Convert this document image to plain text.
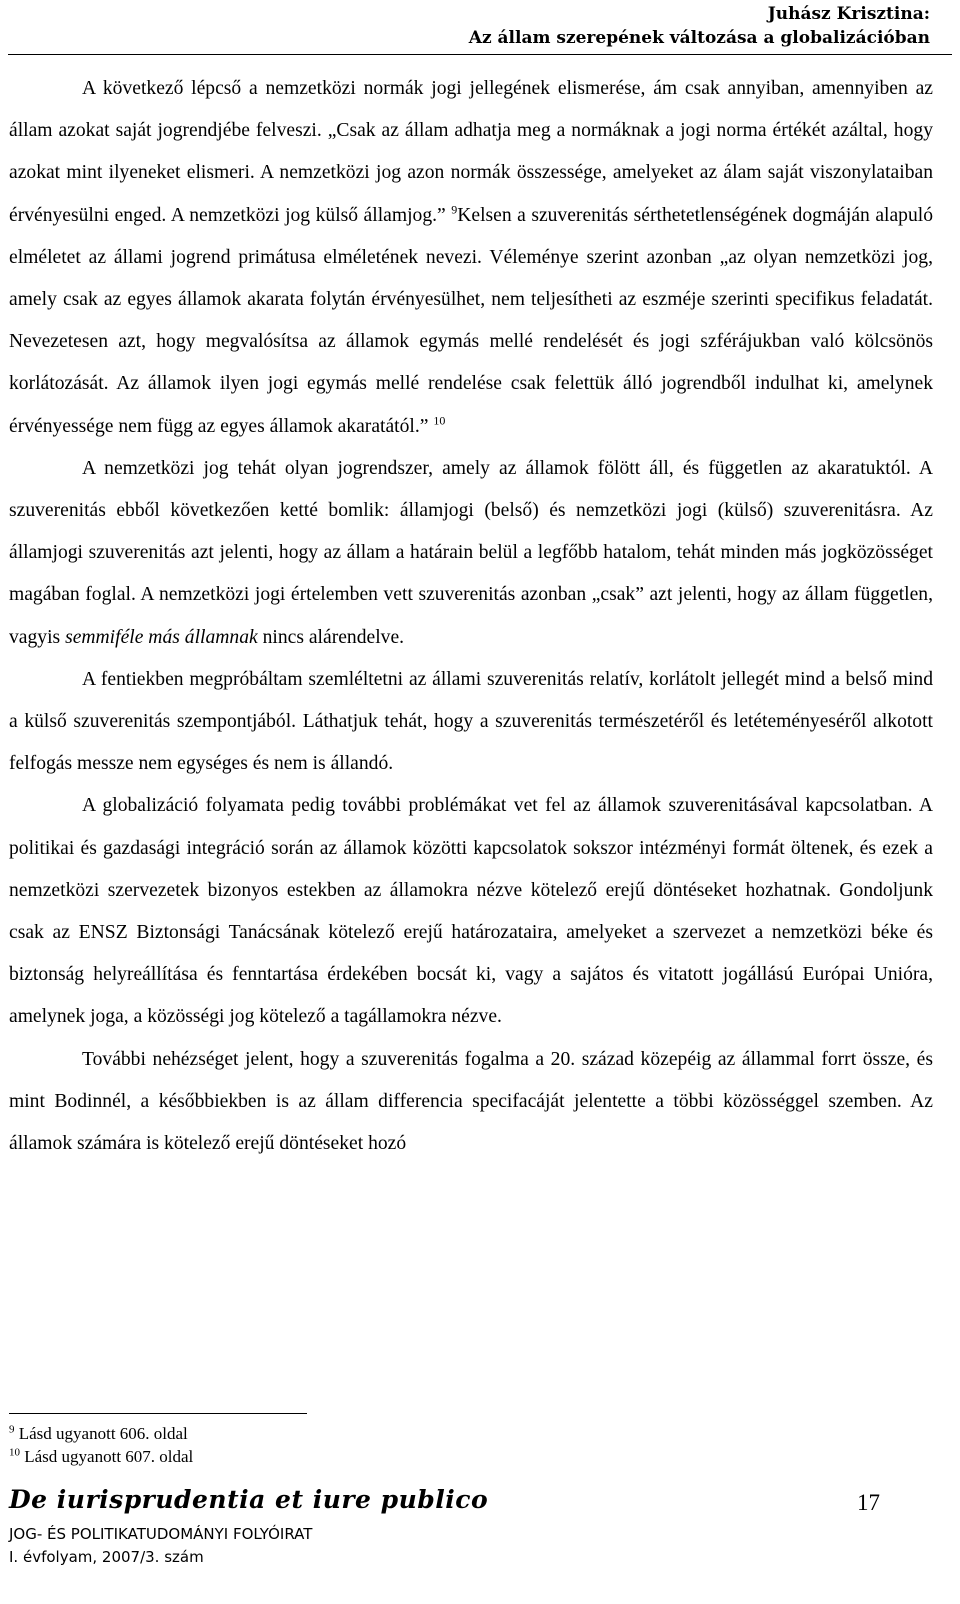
Juhász Krisztina:
Az állam szerepének változása a globalizációban

A következő lépcső a nemzetközi normák jogi jellegének elismerése, ám csak annyiban, amennyiben az állam azokat saját jogrendjébe felveszi. „Csak az állam adhatja meg a normáknak a jogi norma értékét azáltal, hogy azokat mint ilyeneket elismeri. A nemzetközi jog azon normák összessége, amelyeket az álam saját viszonylataiban érvényesülni enged. A nemzetközi jog külső államjog.” $^9$Kelsen a szuverenitás sérthetetlenségének dogmáján alapuló elméletet az állami jogrend primátusa elméletének nevezi. Véleménye szerint azonban „az olyan nemzetközi jog, amely csak az egyes államok akarata folytán érvényesülhet, nem teljesítheti az eszméje szerinti specifikus feladatát. Nevezetesen azt, hogy megvalósítsa az államok egymás mellé rendelését és jogi szférájukban való kölcsönös korlátozását. Az államok ilyen jogi egymás mellé rendelése csak felettük álló jogrendből indulhat ki, amelynek érvényessége nem függ az egyes államok akaratától.” $^{10}$

A nemzetközi jog tehát olyan jogrendszer, amely az államok fölött áll, és független az akaratuktól. A szuverenitás ebből következően ketté bomlik: államjogi (belső) és nemzetközi jogi (külső) szuverenitásra. Az államjogi szuverenitás azt jelenti, hogy az állam a határain belül a legfőbb hatalom, tehát minden más jogközösséget magában foglal. A nemzetközi jogi értelemben vett szuverenitás azonban „csak” azt jelenti, hogy az állam független, vagyis semmiféle más államnak nincs alárendelve.

A fentiekben megpróbáltam szemléltetni az állami szuverenitás relatív, korlátolt jellegét mind a belső mind a külső szuverenitás szempontjából. Láthatjuk tehát, hogy a szuverenitás természetéről és letéteményeséről alkotott felfogás messze nem egységes és nem is állandó.

A globalizáció folyamata pedig további problémákat vet fel az államok szuverenitásával kapcsolatban. A politikai és gazdasági integráció során az államok közötti kapcsolatok sokszor intézményi formát öltenek, és ezek a nemzetközi szervezetek bizonyos estekben az államokra nézve kötelező erejű döntéseket hozhatnak. Gondoljunk csak az ENSZ Biztonsági Tanácsának kötelező erejű határozataira, amelyeket a szervezet a nemzetközi béke és biztonság helyreállítása és fenntartása érdekében bocsát ki, vagy a sajátos és vitatott jogállású Európai Unióra, amelynek joga, a közösségi jog kötelező a tagállamokra nézve.

További nehézséget jelent, hogy a szuverenitás fogalma a 20. század közepéig az állammal forrt össze, és mint Bodinnél, a későbbiekben is az állam differencia specifacáját jelentette a többi közösséggel szemben. Az államok számára is kötelező erejű döntéseket hozó

$^9$ Lásd ugyanott 606. oldal
$^{10}$ Lásd ugyanott 607. oldal
De iurisprudentia et iure publico
JOG- ÉS POLITIKATUDOMÁNYI FOLYÓIRAT
I. évfolyam, 2007/3. szám
17
